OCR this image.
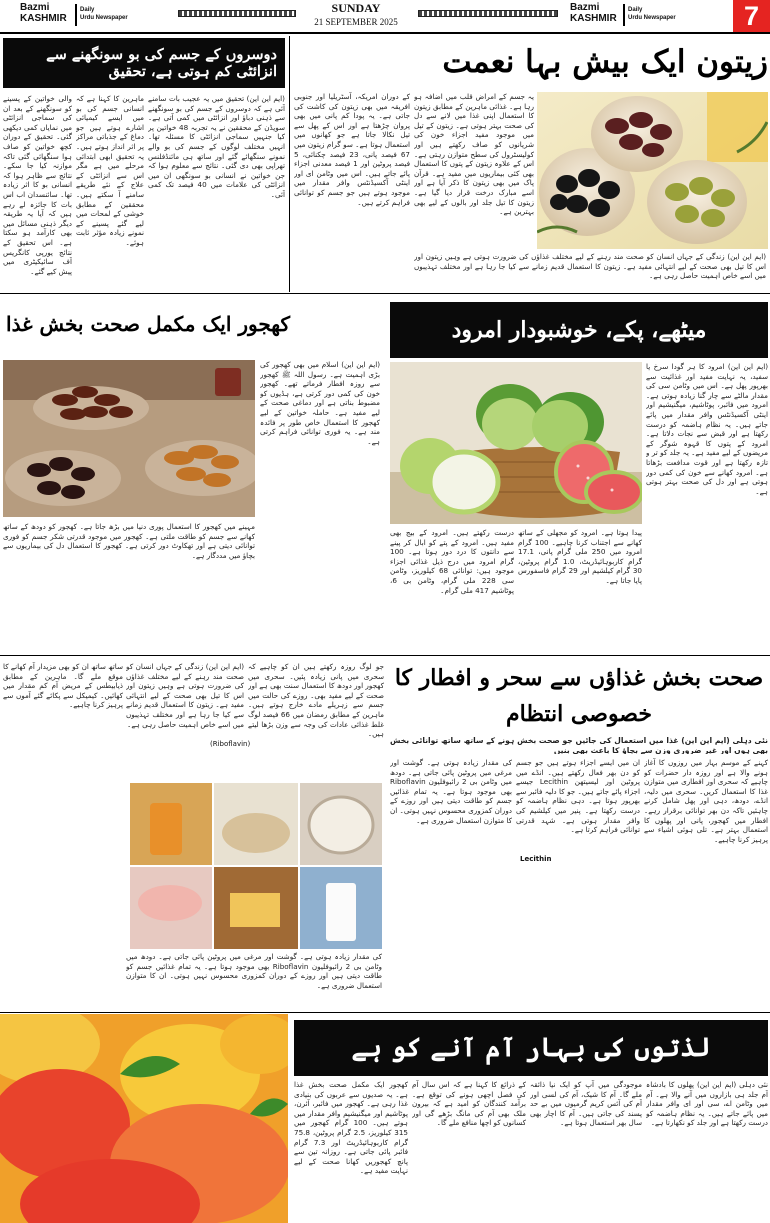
Bazmi
KASHMIR
Daily
Urdu Newspaper
SUNDAY
21 SEPTEMBER 2025
Bazmi
KASHMIR
Daily
Urdu Newspaper	7
دوسروں کے جسم کی بو سونگھنے سے انزائٹی کم ہوتی ہے، تحقیق
(ایم این این) تحقیق میں یہ عجیب بات سامنے آئی ہے کہ دوسروں کے جسم کی بو سونگھنے سے ذہنی دباؤ اور انزائٹی میں کمی آتی ہے۔ سویڈن کے محققین نے یہ تجربہ 48 خواتین پر کیا جنہیں سماجی انزائٹی کا مسئلہ تھا۔ انہیں مختلف لوگوں کے جسم کی بو والے نمونے سنگھائے گئے اور ساتھ ہی مائنڈفلنس تھراپی بھی دی گئی۔ نتائج سے معلوم ہوا کہ جن خواتین نے انسانی بو سونگھی ان میں انزائٹی کی علامات میں 40 فیصد تک کمی آئی۔
ماہرین کا کہنا ہے کہ انسانی جسم کی بو میں ایسے کیمیائی اشارے ہوتے ہیں جو دماغ کے جذباتی مراکز پر اثر انداز ہوتے ہیں۔ یہ تحقیق ابھی ابتدائی مرحلے میں ہے مگر اس سے انزائٹی کے علاج کے نئے طریقے سامنے آ سکتے ہیں۔ محققین کے مطابق خوشی کے لمحات میں لیے گئے پسینے کے نمونے زیادہ مؤثر ثابت ہوئے۔
والی خواتین کے پسینے کو سونگھنے کے بعد ان کی سماجی انزائٹی میں نمایاں کمی دیکھی گئی۔ تحقیق کے دوران کچھ خواتین کو صاف ہوا سنگھائی گئی تاکہ موازنہ کیا جا سکے۔ نتائج سے ظاہر ہوا کہ انسانی بو کا اثر زیادہ تھا۔ سائنسدان اب اس بات کا جائزہ لے رہے ہیں کہ آیا یہ طریقہ دیگر ذہنی مسائل میں بھی کارآمد ہو سکتا ہے۔ اس تحقیق کے نتائج یورپی کانگریس آف سائیکیٹری میں پیش کیے گئے۔
زیتون ایک بیش بہا نعمت
کے دوران امریکہ، آسٹریلیا اور جنوبی افریقہ میں بھی زیتون کی کاشت کی جاتی ہے۔ یہ پودا کم پانی میں بھی پروان چڑھتا ہے اور اس کے پھل سے تیل نکالا جاتا ہے جو کھانوں میں استعمال ہوتا ہے۔ سو گرام زیتون میں 67 فیصد پانی، 23 فیصد چکنائی، 5 فیصد پروٹین اور 1 فیصد معدنی اجزاء پائے جاتے ہیں۔ اس میں وٹامن ای اور اینٹی آکسیڈنٹس وافر مقدار میں موجود ہوتے ہیں جو جسم کو توانائی فراہم کرتے ہیں۔
یہ جسم کے امراض قلب میں اضافہ ہو رہا ہے۔ غذائی ماہرین کے مطابق زیتون کا استعمال اپنی غذا میں لانے سے دل کی صحت بہتر ہوتی ہے۔ زیتون کے تیل میں موجود مفید اجزاء خون کی شریانوں کو صاف رکھتے ہیں اور کولیسٹرول کی سطح متوازن رہتی ہے۔ اس کے علاوہ زیتون کے پتوں کا استعمال بھی کئی بیماریوں میں مفید ہے۔ قرآن پاک میں بھی زیتون کا ذکر آیا ہے اور اسے مبارک درخت قرار دیا گیا ہے۔ زیتون کا تیل جلد اور بالوں کے لیے بھی بہترین ہے۔
(ایم این این) زندگی کے جہاں انسان کو صحت مند رہنے کے لیے مختلف غذاؤں کی ضرورت ہوتی ہے وہیں زیتون اور اس کا تیل بھی صحت کے لیے انتہائی مفید ہے۔ زیتون کا استعمال قدیم زمانے سے کیا جا رہا ہے اور مختلف تہذیبوں میں اسے خاص اہمیت حاصل رہی ہے۔
کھجور ایک مکمل صحت بخش غذا
مہینے میں کھجور کا استعمال پوری دنیا میں بڑھ جاتا ہے۔ کھجور کو دودھ کے ساتھ کھانے سے جسم کو طاقت ملتی ہے۔ کھجور میں موجود قدرتی شکر جسم کو فوری توانائی دیتی ہے اور تھکاوٹ دور کرتی ہے۔ کھجور کا استعمال دل کی بیماریوں سے بچاؤ میں مددگار ہے۔
(ایم این این) اسلام میں بھی کھجور کی بڑی اہمیت ہے۔ رسول اللہ ﷺ کھجور سے روزہ افطار فرماتے تھے۔ کھجور خون کی کمی دور کرتی ہے، ہڈیوں کو مضبوط بناتی ہے اور دماغی صحت کے لیے مفید ہے۔ حاملہ خواتین کے لیے کھجور کا استعمال خاص طور پر فائدہ مند ہے۔ یہ فوری توانائی فراہم کرتی ہے۔
میٹھے، پکے، خوشبودار امرود
(ایم این این) امرود کا ہر گودا سرخ یا سفید، یہ نہایت مفید اور غذائیت سے بھرپور پھل ہے۔ اس میں وٹامن سی کی مقدار مالٹے سے چار گنا زیادہ ہوتی ہے۔ امرود میں فائبر، پوٹاشیم، میگنیشیم اور اینٹی آکسیڈنٹس وافر مقدار میں پائے جاتے ہیں۔ یہ نظام ہاضمہ کو درست رکھتا ہے اور قبض سے نجات دلاتا ہے۔ امرود کے پتوں کا قہوہ شوگر کے مریضوں کے لیے مفید ہے۔ یہ جلد کو تر و تازہ رکھتا ہے اور قوت مدافعت بڑھاتا ہے۔ امرود کھانے سے خون کی کمی دور ہوتی ہے اور دل کی صحت بہتر ہوتی ہے۔
درست رکھتے ہیں۔ امرود کے بیج بھی مفید ہیں۔ امرود کے پتے کو ابال کر پینے سے دانتوں کا درد دور ہوتا ہے۔ 100 گرام امرود میں درج ذیل غذائی اجزاء موجود ہیں: توانائی 68 کیلوریز، وٹامن سی 228 ملی گرام، وٹامن بی 6، پوٹاشیم 417 ملی گرام۔
پیدا ہوتا ہے۔ امرود کو مجھلی کے ساتھ کھانے سے اجتناب کرنا چاہیے۔ 100 گرام امرود میں 250 ملی گرام پانی، 17.1 گرام کاربوہائیڈریٹ، 1.0 گرام پروٹین، 30 گرام کیلشیم اور 29 گرام فاسفورس پایا جاتا ہے۔
صحت بخش غذاؤں سے سحر و افطار کا خصوصی انتظام
نئی دہلی (ایم این این) غذا میں استعمال کی جائیں جو صحت بخش ہونے کے ساتھ ساتھ توانائی بخش بھی ہوں اور غیر ضروری وزن سے بچاؤ کا باعث بھی بنیں
کہنے کے موسم بہار میں روزوں کا آغاز ہونے والا ہے اور روزہ دار حضرات کو چاہیے کہ سحری اور افطاری میں متوازن غذا کا استعمال کریں۔ سحری میں دلیہ، انڈے، دودھ، دہی اور پھل شامل کرنے چاہئیں تاکہ دن بھر توانائی برقرار رہے۔ افطار میں کھجور، پانی اور پھلوں کا استعمال بہتر ہے۔ تلی ہوئی اشیاء سے پرہیز کرنا چاہیے۔
ان میں ایسے اجزاء ہوتے ہیں جو جسم کو دن بھر فعال رکھتے ہیں۔ انڈے میں پروٹین اور لیسیتھن Lecithin جیسے اجزاء پائے جاتے ہیں۔ جو کا دلیہ فائبر سے بھرپور ہوتا ہے۔ دہی نظام ہاضمہ کو درست رکھتا ہے۔ پنیر میں کیلشیم کی وافر مقدار ہوتی ہے۔ شہد قدرتی توانائی فراہم کرتا ہے۔
کی مقدار زیادہ ہوتی ہے۔ گوشت اور مرغی میں پروٹین پائی جاتی ہے۔ دودھ میں وٹامن بی 2 رائبوفلیون Riboflavin بھی موجود ہوتا ہے۔ یہ تمام غذائیں جسم کو طاقت دیتی ہیں اور روزے کے دوران کمزوری محسوس نہیں ہوتی۔ ان کا متوازن استعمال ضروری ہے۔
جو لوگ روزہ رکھتے ہیں ان کو چاہیے کہ سحری میں پانی زیادہ پئیں۔ سحری میں کھجور اور دودھ کا استعمال سنت بھی ہے اور صحت کے لیے مفید بھی۔ روزے کی حالت میں جسم سے زہریلے مادے خارج ہوتے ہیں۔ ماہرین کے مطابق رمضان میں 66 فیصد لوگ غلط غذائی عادات کی وجہ سے وزن بڑھا لیتے ہیں۔
ساتھ ساتھ ان کو بھی مزیدار آم کھانے کا موقع ملے گا۔ ماہرین کے مطابق ذیابیطس کے مریض آم کم مقدار میں کھائیں۔ کیمیکل سے پکائے گئے آموں سے پرہیز کرنا چاہیے۔
(ایم این این) زندگی کے جہاں انسان کو صحت مند رہنے کے لیے مختلف غذاؤں کی ضرورت ہوتی ہے وہیں زیتون اور اس کا تیل بھی صحت کے لیے انتہائی مفید ہے۔ زیتون کا استعمال قدیم زمانے سے کیا جا رہا ہے اور مختلف تہذیبوں میں اسے خاص اہمیت حاصل رہی ہے۔
کی مقدار زیادہ ہوتی ہے۔ گوشت اور مرغی میں پروٹین پائی جاتی ہے۔ دودھ میں وٹامن بی 2 رائبوفلیون Riboflavin بھی موجود ہوتا ہے۔ یہ تمام غذائیں جسم کو طاقت دیتی ہیں اور روزے کے دوران کمزوری محسوس نہیں ہوتی۔ ان کا متوازن استعمال ضروری ہے۔
(Riboflavin)
Lecithin
لذتوں کی بہار آم آنے کو ہے
نئی دہلی (ایم این این) پھلوں کا بادشاہ آم جلد ہی بازاروں میں آنے والا ہے۔ آم میں وٹامن اے، سی اور ای وافر مقدار میں پائے جاتے ہیں۔ یہ نظام ہاضمہ کو درست رکھتا ہے اور جلد کو نکھارتا ہے۔
موجودگی میں آپ کو ایک نیا ذائقہ ملے گا۔ آم کا شیک، آم کی لسی اور آم کی آئس کریم گرمیوں میں بے حد پسند کی جاتی ہیں۔ آم کا اچار بھی سال بھر استعمال ہوتا ہے۔
کے ذرائع کا کہنا ہے کہ اس سال آم کی فصل اچھی ہونے کی توقع ہے۔ برآمد کنندگان کو امید ہے کہ بیرون ملک بھی آم کی مانگ بڑھے گی اور کسانوں کو اچھا منافع ملے گا۔
کھجور ایک مکمل صحت بخش غذا ہے۔ یہ صدیوں سے عربوں کی بنیادی غذا رہی ہے۔ کھجور میں فائبر، آئرن، پوٹاشیم اور میگنیشیم وافر مقدار میں ہوتے ہیں۔ 100 گرام کھجور میں 315 کیلوریز، 2.5 گرام پروٹین، 75.8 گرام کاربوہائیڈریٹ اور 7.3 گرام فائبر پائی جاتی ہے۔ روزانہ تین سے پانچ کھجوریں کھانا صحت کے لیے نہایت مفید ہے۔
